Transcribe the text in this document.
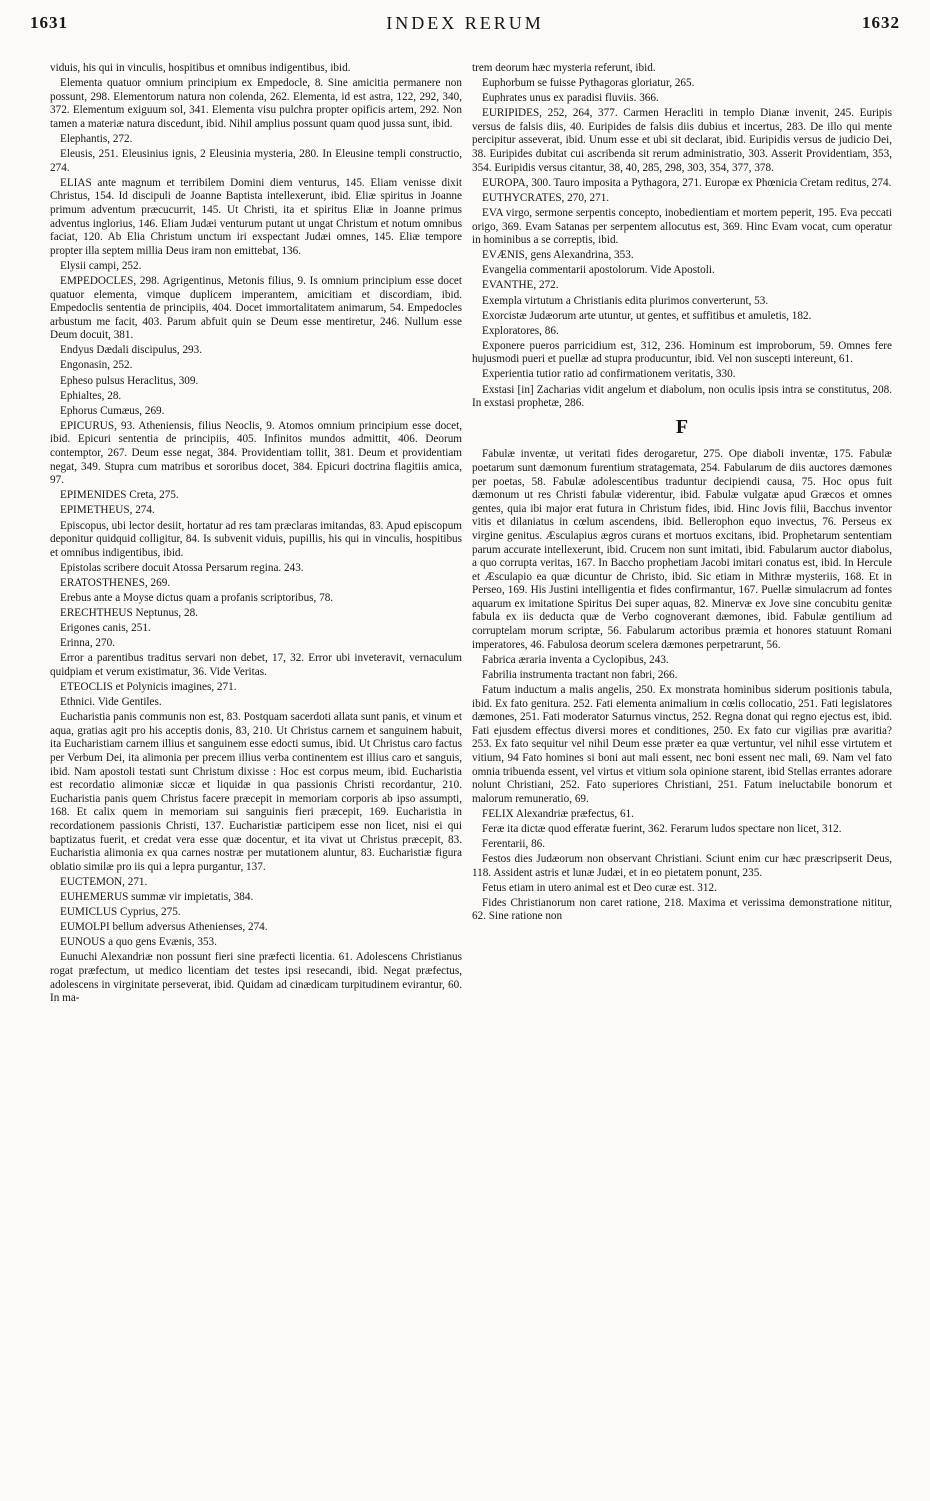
1631	INDEX RERUM	1632

viduis, his qui in vinculis, hospitibus et omnibus indigentibus, ibid.

Elementa quatuor omnium principium ex Empedocle, 8. Sine amicitia permanere non possunt, 298. Elementorum natura non colenda, 262. Elementa, id est astra, 122, 292, 340, 372. Elementum exiguum sol, 341. Elementa visu pulchra propter opificis artem, 292. Non tamen a materiæ natura discedunt, ibid. Nihil amplius possunt quam quod jussa sunt, ibid.

Elephantis, 272.

Eleusis, 251. Eleusinius ignis, 2 Eleusinia mysteria, 280. In Eleusine templi constructio, 274.

ELIAS ante magnum et terribilem Domini diem venturus, 145. Eliam venisse dixit Christus, 154. Id discipuli de Joanne Baptista intellexerunt, ibid. Eliæ spiritus in Joanne primum adventum præcucurrit, 145. Ut Christi, ita et spiritus Eliæ in Joanne primus adventus inglorius, 146. Eliam Judæi venturum putant ut ungat Christum et notum omnibus faciat, 120. Ab Elia Christum unctum iri exspectant Judæi omnes, 145. Eliæ tempore propter illa septem millia Deus iram non emittebat, 136.

Elysii campi, 252.

EMPEDOCLES, 298. Agrigentinus, Metonis filius, 9. Is omnium principium esse docet quatuor elementa, vimque duplicem imperantem, amicitiam et discordiam, ibid. Empedoclis sententia de principiis, 404. Docet immortalitatem animarum, 54. Empedocles arbustum me facit, 403. Parum abfuit quin se Deum esse mentiretur, 246. Nullum esse Deum docuit, 381.

Endyus Dædali discipulus, 293.

Engonasin, 252.

Epheso pulsus Heraclitus, 309.

Ephialtes, 28.

Ephorus Cumæus, 269.

EPICURUS, 93. Atheniensis, filius Neoclis, 9. Atomos omnium principium esse docet, ibid. Epicuri sententia de principiis, 405. Infinitos mundos admittit, 406. Deorum contemptor, 267. Deum esse negat, 384. Providentiam tollit, 381. Deum et providentiam negat, 349. Stupra cum matribus et sororibus docet, 384. Epicuri doctrina flagitiis amica, 97.

EPIMENIDES Creta, 275.

EPIMETHEUS, 274.

Episcopus, ubi lector desiit, hortatur ad res tam præclaras imitandas, 83. Apud episcopum deponitur quidquid colligitur, 84. Is subvenit viduis, pupillis, his qui in vinculis, hospitibus et omnibus indigentibus, ibid.

Epistolas scribere docuit Atossa Persarum regina. 243.

ERATOSTHENES, 269.

Erebus ante a Moyse dictus quam a profanis scriptoribus, 78.

ERECHTHEUS Neptunus, 28.

Erigones canis, 251.

Erinna, 270.

Error a parentibus traditus servari non debet, 17, 32. Error ubi inveteravit, vernaculum quidpiam et verum existimatur, 36. Vide Veritas.

ETEOCLIS et Polynicis imagines, 271.

Ethnici. Vide Gentiles.

Eucharistia panis communis non est, 83. Postquam sacerdoti allata sunt panis, et vinum et aqua, gratias agit pro his acceptis donis, 83, 210. Ut Christus carnem et sanguinem habuit, ita Eucharistiam carnem illius et sanguinem esse edocti sumus, ibid. Ut Christus caro factus per Verbum Dei, ita alimonia per precem illius verba continentem est illius caro et sanguis, ibid. Nam apostoli testati sunt Christum dixisse : Hoc est corpus meum, ibid. Eucharistia est recordatio alimoniæ siccæ et liquidæ in qua passionis Christi recordantur, 210. Eucharistia panis quem Christus facere præcepit in memoriam corporis ab ipso assumpti, 168. Et calix quem in memoriam sui sanguinis fieri præcepit, 169. Eucharistia in recordationem passionis Christi, 137. Eucharistiæ participem esse non licet, nisi ei qui baptizatus fuerit, et credat vera esse quæ docentur, et ita vivat ut Christus præcepit, 83. Eucharistia alimonia ex qua carnes nostræ per mutationem aluntur, 83. Eucharistiæ figura oblatio similæ pro iis qui a lepra purgantur, 137.

EUCTEMON, 271.

EUHEMERUS summæ vir impietatis, 384.

EUMICLUS Cyprius, 275.

EUMOLPI bellum adversus Athenienses, 274.

EUNOUS a quo gens Evænis, 353.

Eunuchi Alexandriæ non possunt fieri sine præfecti licentia. 61. Adolescens Christianus rogat præfectum, ut medico licentiam det testes ipsi resecandi, ibid. Negat præfectus, adolescens in virginitate perseverat, ibid. Quidam ad cinædicam turpitudinem evirantur, 60. In ma-

trem deorum hæc mysteria referunt, ibid.

Euphorbum se fuisse Pythagoras gloriatur, 265.

Euphrates unus ex paradisi fluviis. 366.

EURIPIDES, 252, 264, 377. Carmen Heracliti in templo Dianæ invenit, 245. Euripis versus de falsis diis, 40. Euripides de falsis diis dubius et incertus, 283. De illo qui mente percipitur asseverat, ibid. Unum esse et ubi sit declarat, ibid. Euripidis versus de judicio Dei, 38. Euripides dubitat cui ascribenda sit rerum administratio, 303. Asserit Providentiam, 353, 354. Euripidis versus citantur, 38, 40, 285, 298, 303, 354, 377, 378.

EUROPA, 300. Tauro imposita a Pythagora, 271. Europæ ex Phœnicia Cretam reditus, 274.

EUTHYCRATES, 270, 271.

EVA virgo, sermone serpentis concepto, inobedientiam et mortem peperit, 195. Eva peccati origo, 369. Evam Satanas per serpentem allocutus est, 369. Hinc Evam vocat, cum operatur in hominibus a se correptis, ibid.

EVÆNIS, gens Alexandrina, 353.

Evangelia commentarii apostolorum. Vide Apostoli.

EVANTHE, 272.

Exempla virtutum a Christianis edita plurimos converterunt, 53.

Exorcistæ Judæorum arte utuntur, ut gentes, et suffitibus et amuletis, 182.

Exploratores, 86.

Exponere pueros parricidium est, 312, 236. Hominum est improborum, 59. Omnes fere hujusmodi pueri et puellæ ad stupra producuntur, ibid. Vel non suscepti intereunt, 61.

Experientia tutior ratio ad confirmationem veritatis, 330.

Exstasi [in] Zacharias vidit angelum et diabolum, non oculis ipsis intra se constitutus, 208. In exstasi prophetæ, 286.

F

Fabulæ inventæ, ut veritati fides derogaretur, 275. Ope diaboli inventæ, 175. Fabulæ poetarum sunt dæmonum furentium stratagemata, 254. Fabularum de diis auctores dæmones per poetas, 58. Fabulæ adolescentibus traduntur decipiendi causa, 75. Hoc opus fuit dæmonum ut res Christi fabulæ viderentur, ibid. Fabulæ vulgatæ apud Græcos et omnes gentes, quia ibi major erat futura in Christum fides, ibid. Hinc Jovis filii, Bacchus inventor vitis et dilaniatus in cœlum ascendens, ibid. Bellerophon equo invectus, 76. Perseus ex virgine genitus. Æsculapius ægros curans et mortuos excitans, ibid. Prophetarum sententiam parum accurate intellexerunt, ibid. Crucem non sunt imitati, ibid. Fabularum auctor diabolus, a quo corrupta veritas, 167. In Baccho prophetiam Jacobi imitari conatus est, ibid. In Hercule et Æsculapio ea quæ dicuntur de Christo, ibid. Sic etiam in Mithræ mysteriis, 168. Et in Perseo, 169. His Justini intelligentia et fides confirmantur, 167. Puellæ simulacrum ad fontes aquarum ex imitatione Spiritus Dei super aquas, 82. Minervæ ex Jove sine concubitu genitæ fabula ex iis deducta quæ de Verbo cognoverant dæmones, ibid. Fabulæ gentilium ad corruptelam morum scriptæ, 56. Fabularum actoribus præmia et honores statuunt Romani imperatores, 46. Fabulosa deorum scelera dæmones perpetrarunt, 56.

Fabrica æraria inventa a Cyclopibus, 243.

Fabrilia instrumenta tractant non fabri, 266.

Fatum inductum a malis angelis, 250. Ex monstrata hominibus siderum positionis tabula, ibid. Ex fato genitura. 252. Fati elementa animalium in cœlis collocatio, 251. Fati legislatores dæmones, 251. Fati moderator Saturnus vinctus, 252. Regna donat qui regno ejectus est, ibid. Fati ejusdem effectus diversi mores et conditiones, 250. Ex fato cur vigilias præ avaritia? 253. Ex fato sequitur vel nihil Deum esse præter ea quæ vertuntur, vel nihil esse virtutem et vitium, 94 Fato homines si boni aut mali essent, nec boni essent nec mali, 69. Nam vel fato omnia tribuenda essent, vel virtus et vitium sola opinione starent, ibid Stellas errantes adorare nolunt Christiani, 252. Fato superiores Christiani, 251. Fatum ineluctabile bonorum et malorum remuneratio, 69.

FELIX Alexandriæ præfectus, 61.

Feræ ita dictæ quod efferatæ fuerint, 362. Ferarum ludos spectare non licet, 312.

Ferentarii, 86.

Festos dies Judæorum non observant Christiani. Sciunt enim cur hæc præscripserit Deus, 118. Assident astris et lunæ Judæi, et in eo pietatem ponunt, 235.

Fetus etiam in utero animal est et Deo curæ est. 312.

Fides Christianorum non caret ratione, 218. Maxima et verissima demonstratione nititur, 62. Sine ratione non
